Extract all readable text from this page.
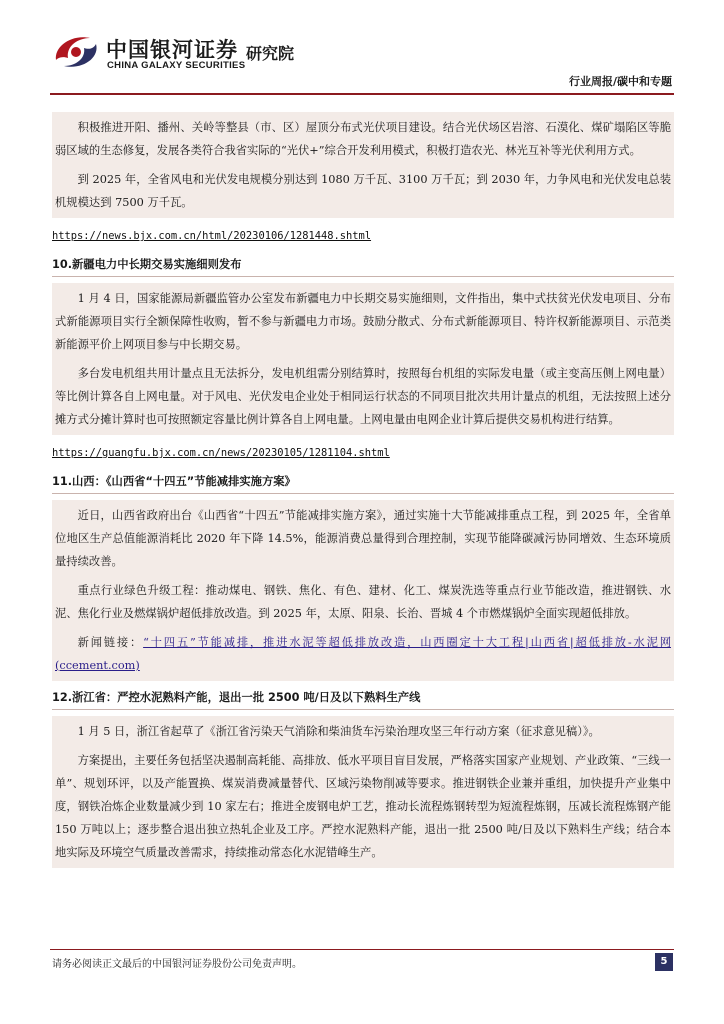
中国银河证券
CHINA GALAXY SECURITIES
研究院
行业周报/碳中和专题

积极推进开阳、播州、关岭等整县（市、区）屋顶分布式光伏项目建设。结合光伏场区岩溶、石漠化、煤矿塌陷区等脆弱区域的生态修复，发展各类符合我省实际的“光伏+”综合开发利用模式，积极打造农光、林光互补等光伏利用方式。

到 2025 年，全省风电和光伏发电规模分别达到 1080 万千瓦、3100 万千瓦；到 2030 年，力争风电和光伏发电总装机规模达到 7500 万千瓦。

https://news.bjx.com.cn/html/20230106/1281448.shtml
10.新疆电力中长期交易实施细则发布

1 月 4 日，国家能源局新疆监管办公室发布新疆电力中长期交易实施细则，文件指出，集中式扶贫光伏发电项目、分布式新能源项目实行全额保障性收购，暂不参与新疆电力市场。鼓励分散式、分布式新能源项目、特许权新能源项目、示范类新能源平价上网项目参与中长期交易。

多台发电机组共用计量点且无法拆分，发电机组需分别结算时，按照每台机组的实际发电量（或主变高压侧上网电量）等比例计算各自上网电量。对于风电、光伏发电企业处于相同运行状态的不同项目批次共用计量点的机组，无法按照上述分摊方式分摊计算时也可按照额定容量比例计算各自上网电量。上网电量由电网企业计算后提供交易机构进行结算。

https://guangfu.bjx.com.cn/news/20230105/1281104.shtml
11.山西：《山西省“十四五”节能减排实施方案》

近日，山西省政府出台《山西省“十四五”节能减排实施方案》，通过实施十大节能减排重点工程，到 2025 年，全省单位地区生产总值能源消耗比 2020 年下降 14.5%，能源消费总量得到合理控制，实现节能降碳减污协同增效、生态环境质量持续改善。

重点行业绿色升级工程：推动煤电、钢铁、焦化、有色、建材、化工、煤炭洗选等重点行业节能改造，推进钢铁、水泥、焦化行业及燃煤锅炉超低排放改造。到 2025 年，太原、阳泉、长治、晋城 4 个市燃煤锅炉全面实现超低排放。

新闻链接：“十四五”节能减排，推进水泥等超低排放改造，山西圈定十大工程|山西省|超低排放-水泥网 (ccement.com)

12.浙江省：严控水泥熟料产能，退出一批 2500 吨/日及以下熟料生产线

1 月 5 日，浙江省起草了《浙江省污染天气消除和柴油货车污染治理攻坚三年行动方案（征求意见稿）》。

方案提出，主要任务包括坚决遏制高耗能、高排放、低水平项目盲目发展，严格落实国家产业规划、产业政策、“三线一单”、规划环评，以及产能置换、煤炭消费减量替代、区域污染物削减等要求。推进钢铁企业兼并重组，加快提升产业集中度，钢铁冶炼企业数量减少到 10 家左右；推进全废钢电炉工艺，推动长流程炼钢转型为短流程炼钢，压减长流程炼钢产能 150 万吨以上；逐步整合退出独立热轧企业及工序。严控水泥熟料产能，退出一批 2500 吨/日及以下熟料生产线；结合本地实际及环境空气质量改善需求，持续推动常态化水泥错峰生产。

请务必阅读正文最后的中国银河证券股份公司免责声明。	5
